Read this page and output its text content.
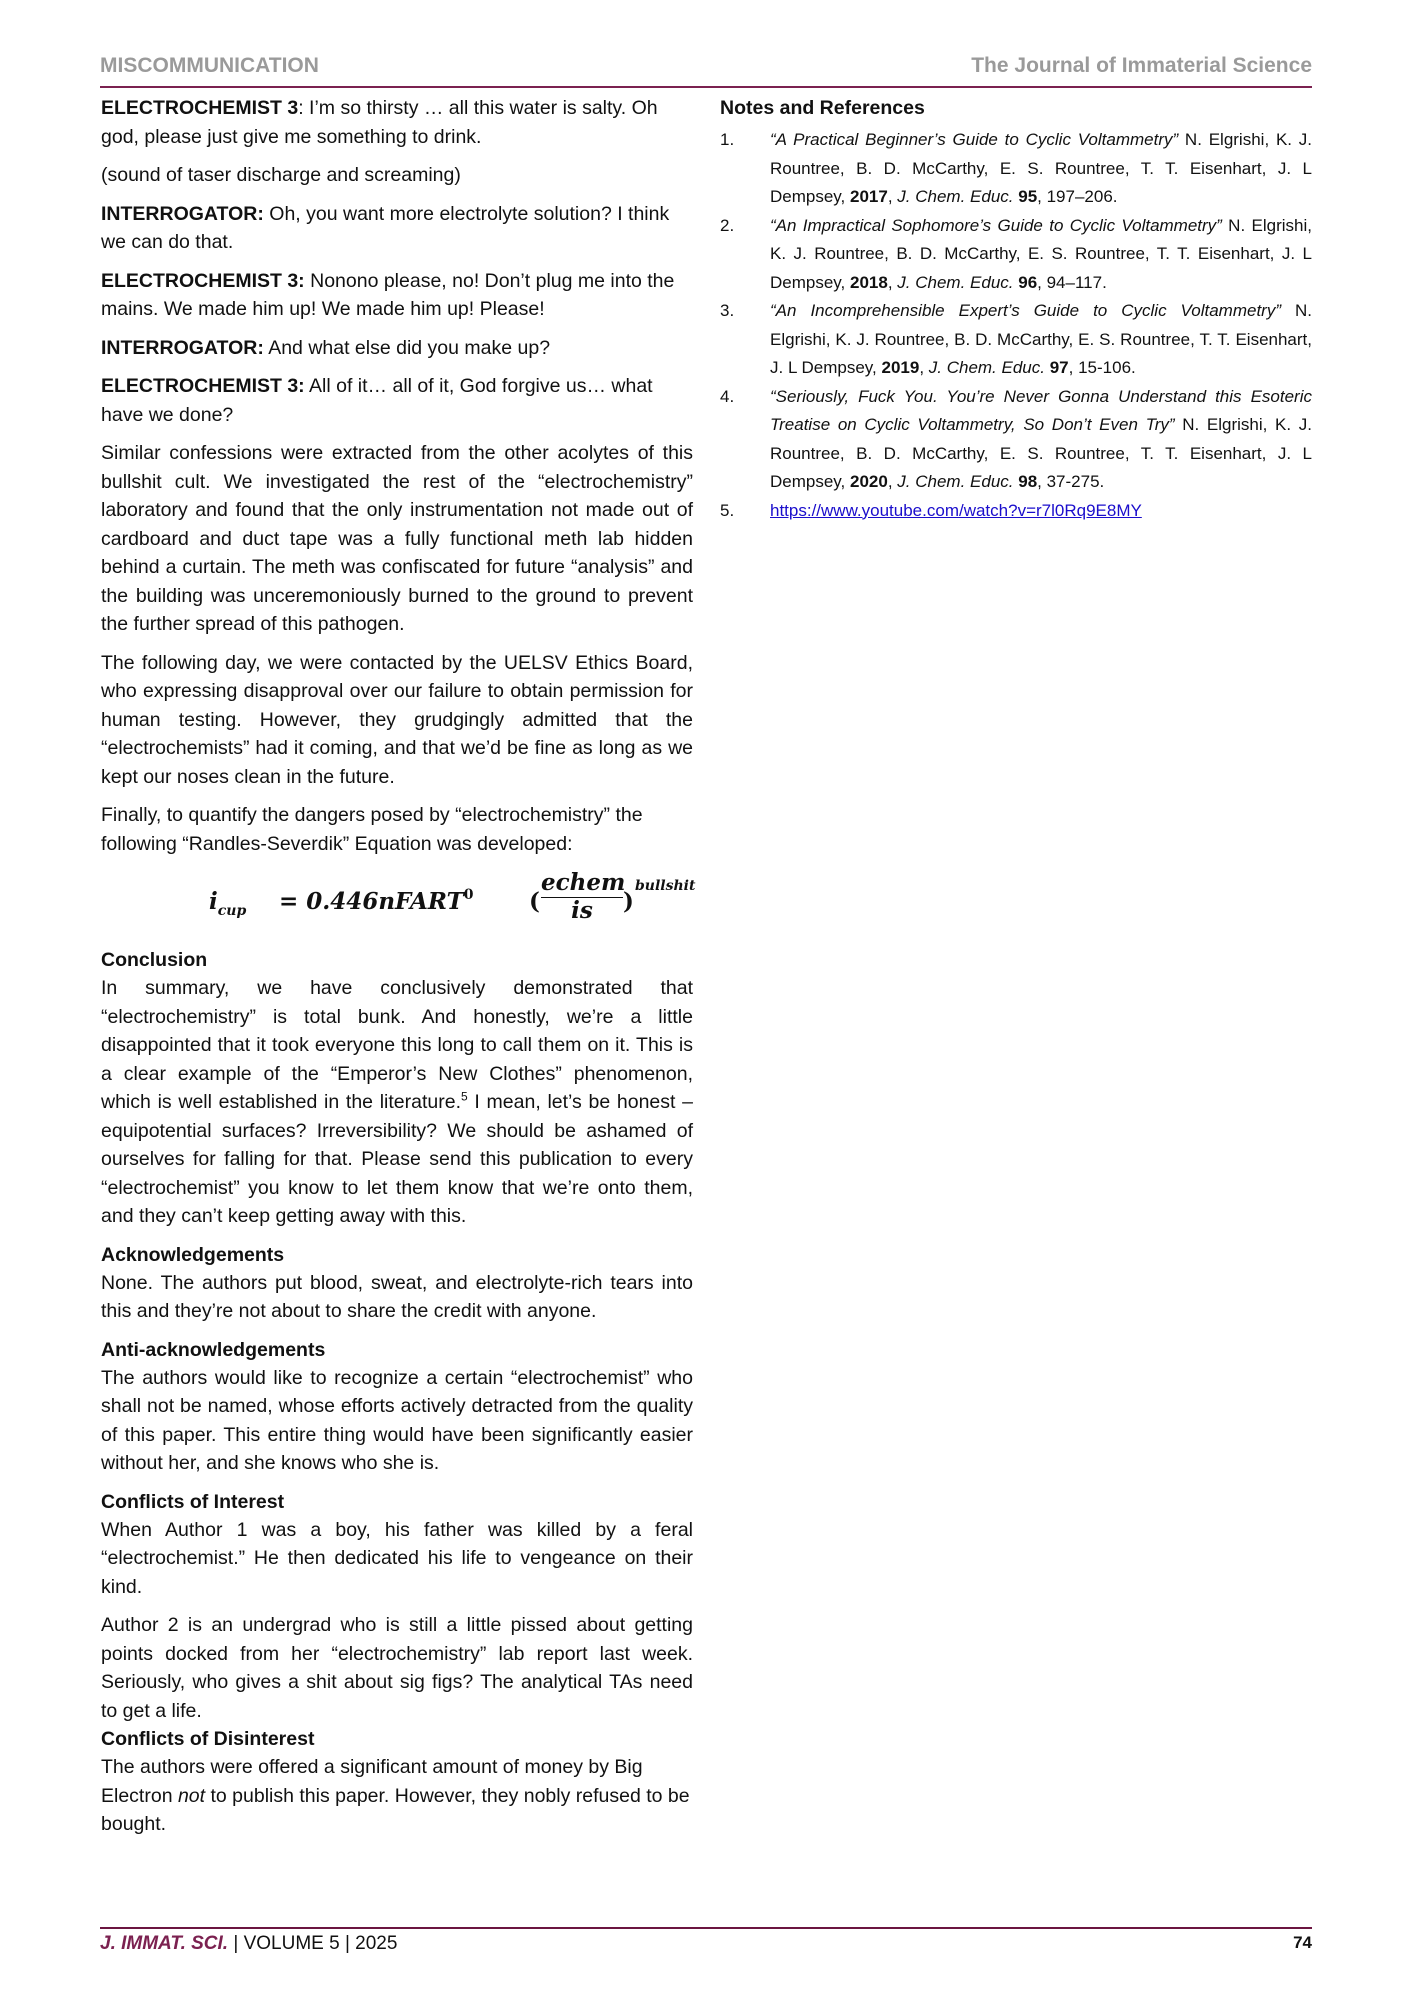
MISCOMMUNICATION	The Journal of Immaterial Science

ELECTROCHEMIST 3: I’m so thirsty … all this water is salty. Oh god, please just give me something to drink.

(sound of taser discharge and screaming)

INTERROGATOR: Oh, you want more electrolyte solution? I think we can do that.

ELECTROCHEMIST 3: Nonono please, no! Don’t plug me into the mains. We made him up! We made him up! Please!

INTERROGATOR: And what else did you make up?

ELECTROCHEMIST 3: All of it… all of it, God forgive us… what have we done?

Similar confessions were extracted from the other acolytes of this bullshit cult. We investigated the rest of the “electrochemistry” laboratory and found that the only instrumentation not made out of cardboard and duct tape was a fully functional meth lab hidden behind a curtain. The meth was confiscated for future “analysis” and the building was unceremoniously burned to the ground to prevent the further spread of this pathogen.

The following day, we were contacted by the UELSV Ethics Board, who expressing disapproval over our failure to obtain permission for human testing. However, they grudgingly admitted that the “electrochemists” had it coming, and that we’d be fine as long as we kept our noses clean in the future.

Finally, to quantify the dangers posed by “electrochemistry” the following “Randles-Severdik” Equation was developed:

$i_{cup}$ = 0.446nFART$^0$ (
echem
is	)
bullshit
Conclusion

In summary, we have conclusively demonstrated that “electrochemistry” is total bunk. And honestly, we’re a little disappointed that it took everyone this long to call them on it. This is a clear example of the “Emperor’s New Clothes” phenomenon, which is well established in the literature.$^5$ I mean, let’s be honest – equipotential surfaces? Irreversibility? We should be ashamed of ourselves for falling for that. Please send this publication to every “electrochemist” you know to let them know that we’re onto them, and they can’t keep getting away with this.

Acknowledgements

None. The authors put blood, sweat, and electrolyte-rich tears into this and they’re not about to share the credit with anyone.

Anti-acknowledgements

The authors would like to recognize a certain “electrochemist” who shall not be named, whose efforts actively detracted from the quality of this paper. This entire thing would have been significantly easier without her, and she knows who she is.

Conflicts of Interest

When Author 1 was a boy, his father was killed by a feral “electrochemist.” He then dedicated his life to vengeance on their kind.

Author 2 is an undergrad who is still a little pissed about getting points docked from her “electrochemistry” lab report last week. Seriously, who gives a shit about sig figs? The analytical TAs need to get a life.

Conflicts of Disinterest

The authors were offered a significant amount of money by Big Electron not to publish this paper. However, they nobly refused to be bought.

Notes and References
1.	“A Practical Beginner’s Guide to Cyclic Voltammetry” N. Elgrishi, K. J. Rountree, B. D. McCarthy, E. S. Rountree, T. T. Eisenhart, J. L Dempsey, 2017, J. Chem. Educ. 95, 197–206.
2.	“An Impractical Sophomore’s Guide to Cyclic Voltammetry” N. Elgrishi, K. J. Rountree, B. D. McCarthy, E. S. Rountree, T. T. Eisenhart, J. L Dempsey, 2018, J. Chem. Educ. 96, 94–117.
3.	“An Incomprehensible Expert’s Guide to Cyclic Voltammetry” N. Elgrishi, K. J. Rountree, B. D. McCarthy, E. S. Rountree, T. T. Eisenhart, J. L Dempsey, 2019, J. Chem. Educ. 97, 15-106.
4.	“Seriously, Fuck You. You’re Never Gonna Understand this Esoteric Treatise on Cyclic Voltammetry, So Don’t Even Try” N. Elgrishi, K. J. Rountree, B. D. McCarthy, E. S. Rountree, T. T. Eisenhart, J. L Dempsey, 2020, J. Chem. Educ. 98, 37-275.
5.	https://www.youtube.com/watch?v=r7l0Rq9E8MY
J. IMMAT. SCI. | VOLUME 5 | 2025	74
